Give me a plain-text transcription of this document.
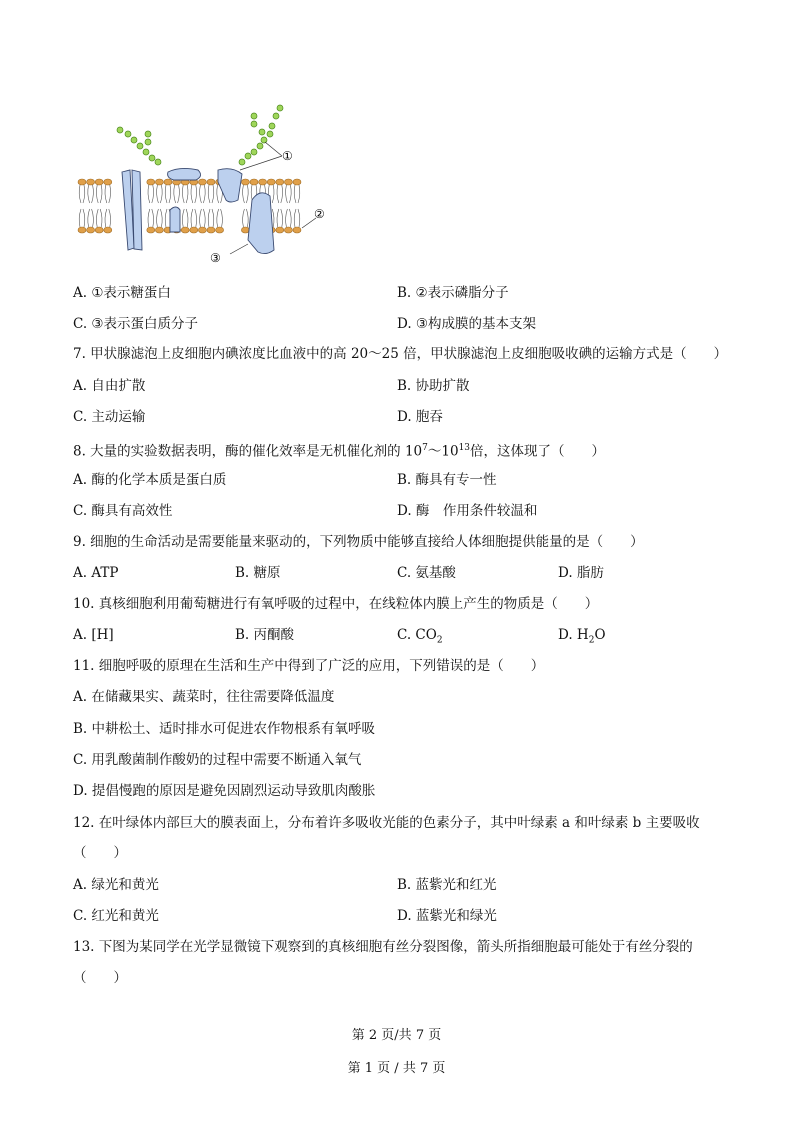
①
②
③
A. ①表示糖蛋白	B. ②表示磷脂分子
C. ③表示蛋白质分子	D. ③构成膜的基本支架
7. 甲状腺滤泡上皮细胞内碘浓度比血液中的高 20～25 倍，甲状腺滤泡上皮细胞吸收碘的运输方式是（　　）
A. 自由扩散	B. 协助扩散
C. 主动运输	D. 胞吞
8. 大量的实验数据表明，酶的催化效率是无机催化剂的 $10^7\sim 10^{13}$倍，这体现了（　　）
A. 酶的化学本质是蛋白质	B. 酶具有专一性
C. 酶具有高效性	D. 酶　作用条件较温和
9. 细胞的生命活动是需要能量来驱动的，下列物质中能够直接给人体细胞提供能量的是（　　）
A. ATP	B. 糖原	C. 氨基酸	D. 脂肪
10. 真核细胞利用葡萄糖进行有氧呼吸的过程中，在线粒体内膜上产生的物质是（　　）
A. [H]	B. 丙酮酸	C. $CO_2$	D. $H_2O$
11. 细胞呼吸的原理在生活和生产中得到了广泛的应用，下列错误的是（　　）
A. 在储藏果实、蔬菜时，往往需要降低温度
B. 中耕松土、适时排水可促进农作物根系有氧呼吸
C. 用乳酸菌制作酸奶的过程中需要不断通入氧气
D. 提倡慢跑的原因是避免因剧烈运动导致肌肉酸胀
12. 在叶绿体内部巨大的膜表面上，分布着许多吸收光能的色素分子，其中叶绿素 a 和叶绿素 b 主要吸收
（　　）
A. 绿光和黄光	B. 蓝紫光和红光
C. 红光和黄光	D. 蓝紫光和绿光
13. 下图为某同学在光学显微镜下观察到的真核细胞有丝分裂图像，箭头所指细胞最可能处于有丝分裂的
（　　）
第 2 页/共 7 页
第 1 页 / 共 7 页
